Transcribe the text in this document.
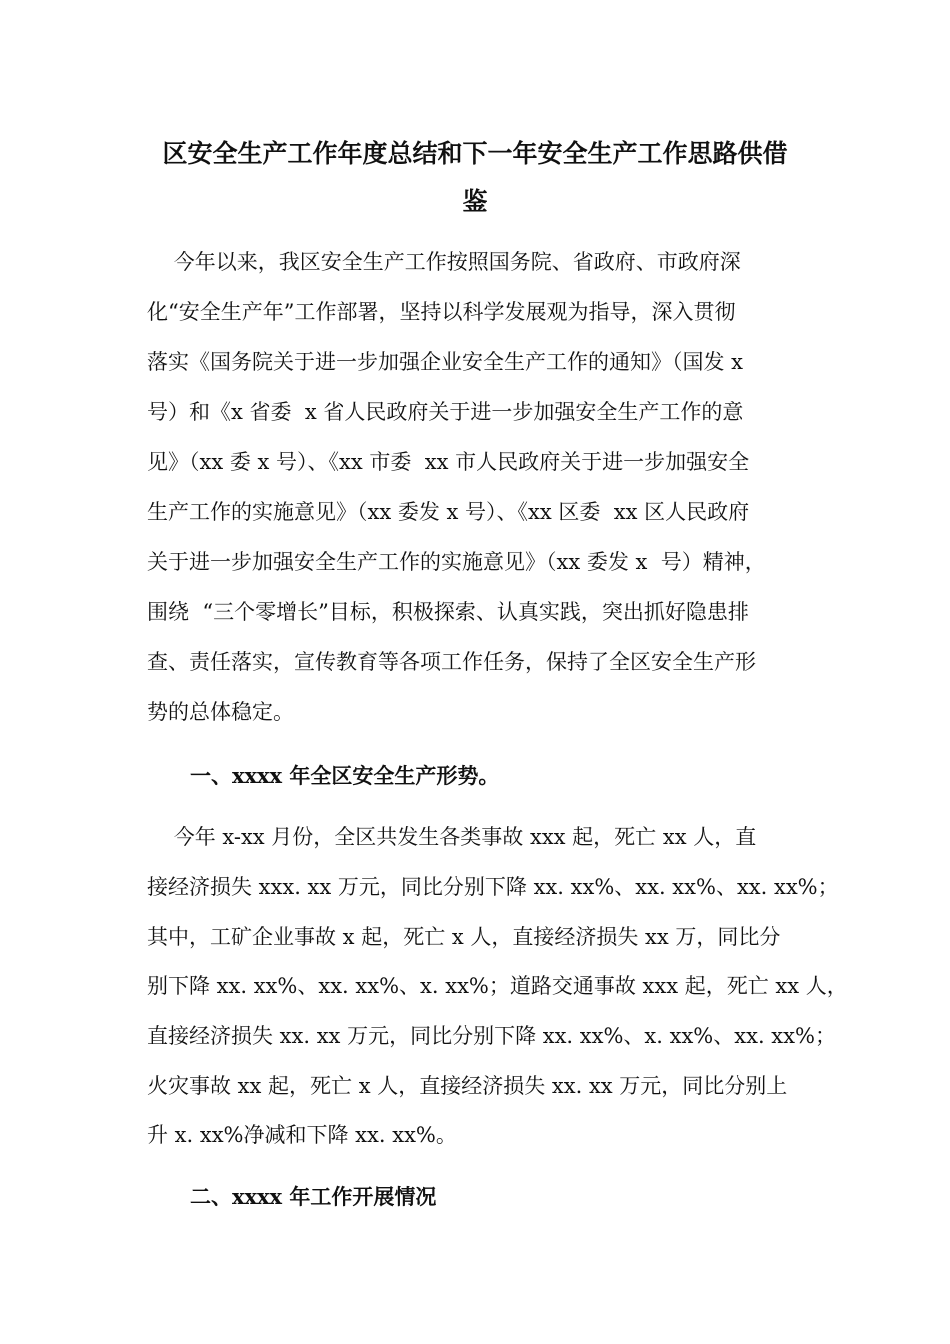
区安全生产工作年度总结和下一年安全生产工作思路供借
鉴

今年以来，我区安全生产工作按照国务院、省政府、市政府深

化“安全生产年”工作部署，坚持以科学发展观为指导，深入贯彻

落实《国务院关于进一步加强企业安全生产工作的通知》（国发 x

号）和《x 省委  x 省人民政府关于进一步加强安全生产工作的意

见》（xx 委 x 号）、《xx 市委  xx 市人民政府关于进一步加强安全

生产工作的实施意见》（xx 委发 x 号）、《xx 区委  xx 区人民政府

关于进一步加强安全生产工作的实施意见》（xx 委发 x  号）精神，

围绕  “三个零增长”目标，积极探索、认真实践，突出抓好隐患排

查、责任落实，宣传教育等各项工作任务，保持了全区安全生产形

势的总体稳定。

一、xxxx 年全区安全生产形势。

今年 x-xx 月份，全区共发生各类事故 xxx 起，死亡 xx 人，直

接经济损失 xxx. xx 万元，同比分别下降 xx. xx%、xx. xx%、xx. xx%；

其中，工矿企业事故 x 起，死亡 x 人，直接经济损失 xx 万，同比分

别下降 xx. xx%、xx. xx%、x. xx%；道路交通事故 xxx 起，死亡 xx 人，

直接经济损失 xx. xx 万元，同比分别下降 xx. xx%、x. xx%、xx. xx%；

火灾事故 xx 起，死亡 x 人，直接经济损失 xx. xx 万元，同比分别上

升 x. xx%净减和下降 xx. xx%。

二、xxxx 年工作开展情况
